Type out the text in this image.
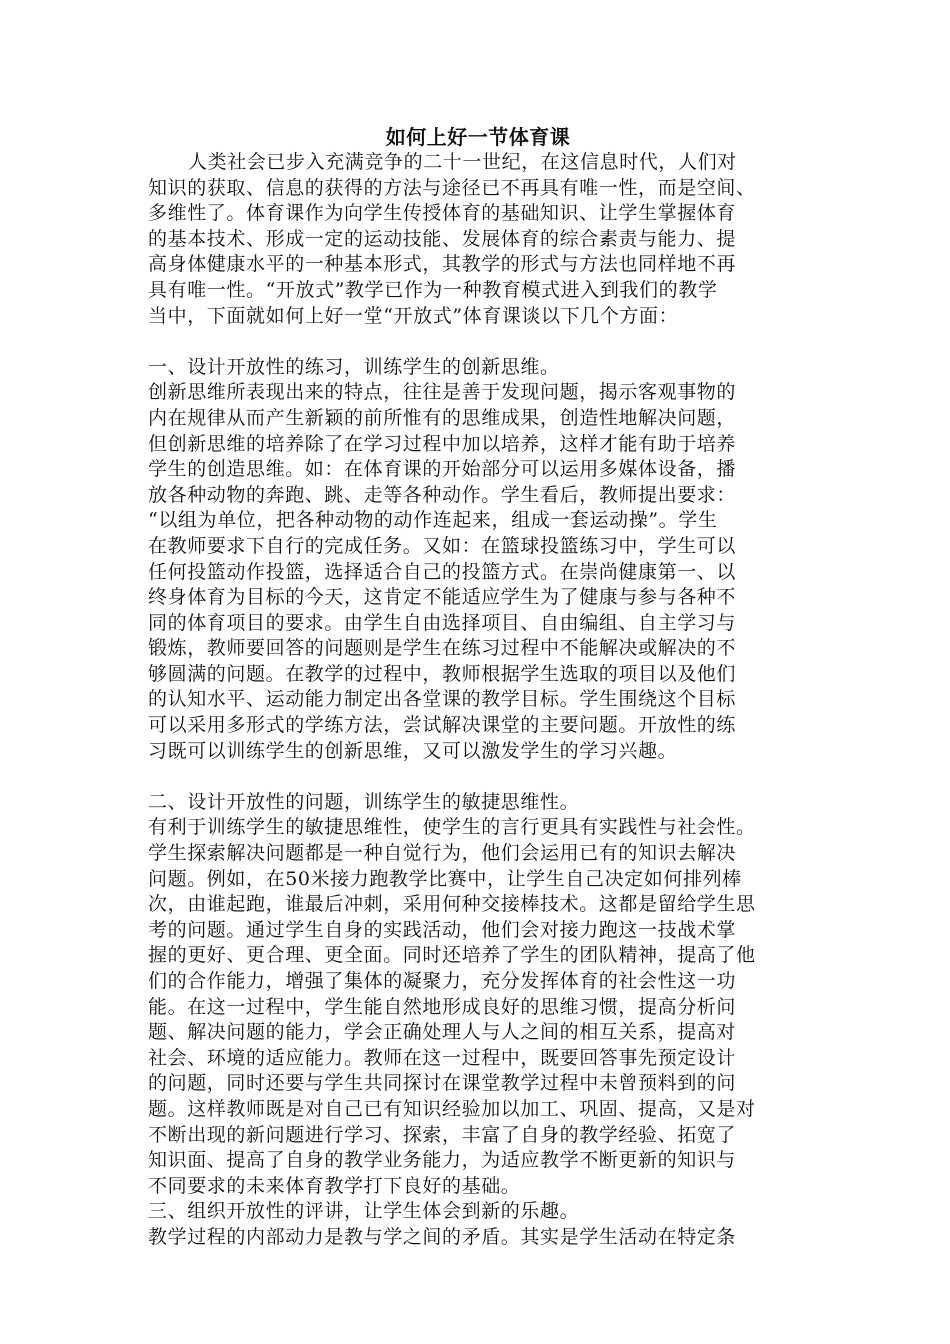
如何上好一节体育课
人类社会已步入充满竞争的二十一世纪，在这信息时代，人们对
知识的获取、信息的获得的方法与途径已不再具有唯一性，而是空间、
多维性了。体育课作为向学生传授体育的基础知识、让学生掌握体育
的基本技术、形成一定的运动技能、发展体育的综合素责与能力、提
高身体健康水平的一种基本形式，其教学的形式与方法也同样地不再
具有唯一性。“开放式”教学已作为一种教育模式进入到我们的教学
当中，下面就如何上好一堂“开放式”体育课谈以下几个方面：
一、设计开放性的练习，训练学生的创新思维。
创新思维所表现出来的特点，往往是善于发现问题，揭示客观事物的
内在规律从而产生新颖的前所惟有的思维成果，创造性地解决问题，
但创新思维的培养除了在学习过程中加以培养，这样才能有助于培养
学生的创造思维。如：在体育课的开始部分可以运用多媒体设备，播
放各种动物的奔跑、跳、走等各种动作。学生看后，教师提出要求：
“以组为单位，把各种动物的动作连起来，组成一套运动操”。学生
在教师要求下自行的完成任务。又如：在篮球投篮练习中，学生可以
任何投篮动作投篮，选择适合自己的投篮方式。在崇尚健康第一、以
终身体育为目标的今天，这肯定不能适应学生为了健康与参与各种不
同的体育项目的要求。由学生自由选择项目、自由编组、自主学习与
锻炼，教师要回答的问题则是学生在练习过程中不能解决或解决的不
够圆满的问题。在教学的过程中，教师根据学生选取的项目以及他们
的认知水平、运动能力制定出各堂课的教学目标。学生围绕这个目标
可以采用多形式的学练方法，尝试解决课堂的主要问题。开放性的练
习既可以训练学生的创新思维，又可以激发学生的学习兴趣。
二、设计开放性的问题，训练学生的敏捷思维性。
有利于训练学生的敏捷思维性，使学生的言行更具有实践性与社会性。
学生探索解决问题都是一种自觉行为，他们会运用已有的知识去解决
问题。例如，在50米接力跑教学比赛中，让学生自己决定如何排列棒
次，由谁起跑，谁最后冲刺，采用何种交接棒技术。这都是留给学生思
考的问题。通过学生自身的实践活动，他们会对接力跑这一技战术掌
握的更好、更合理、更全面。同时还培养了学生的团队精神，提高了他
们的合作能力，增强了集体的凝聚力，充分发挥体育的社会性这一功
能。在这一过程中，学生能自然地形成良好的思维习惯，提高分析问
题、解决问题的能力，学会正确处理人与人之间的相互关系，提高对
社会、环境的适应能力。教师在这一过程中，既要回答事先预定设计
的问题，同时还要与学生共同探讨在课堂教学过程中未曾预料到的问
题。这样教师既是对自己已有知识经验加以加工、巩固、提高，又是对
不断出现的新问题进行学习、探索，丰富了自身的教学经验、拓宽了
知识面、提高了自身的教学业务能力，为适应教学不断更新的知识与
不同要求的未来体育教学打下良好的基础。
三、组织开放性的评讲，让学生体会到新的乐趣。
教学过程的内部动力是教与学之间的矛盾。其实是学生活动在特定条
